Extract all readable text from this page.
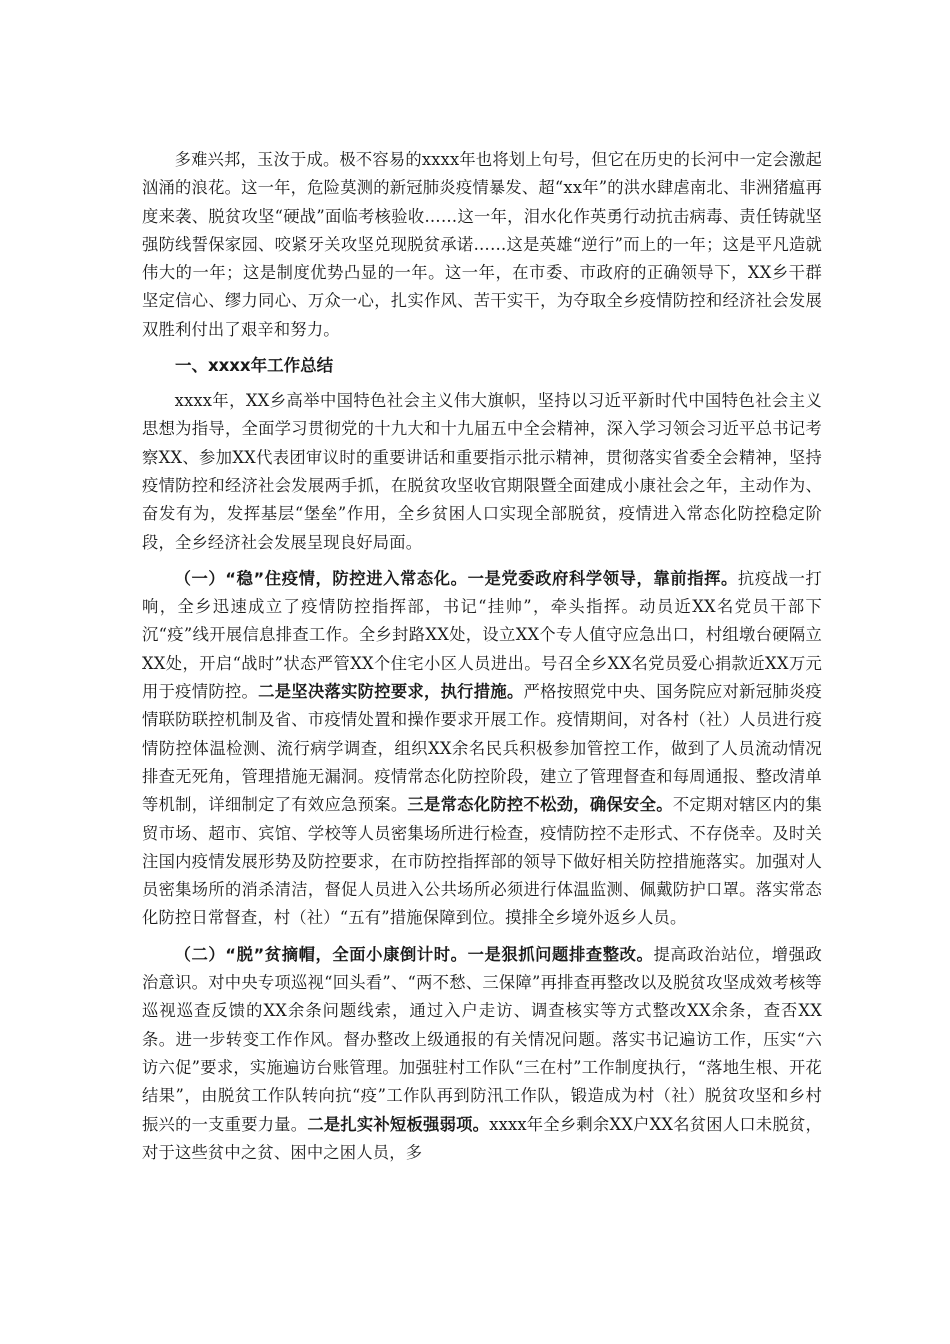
多难兴邦，玉汝于成。极不容易的xxxx年也将划上句号，但它在历史的长河中一定会激起汹涌的浪花。这一年，危险莫测的新冠肺炎疫情暴发、超“xx年”的洪水肆虐南北、非洲猪瘟再度来袭、脱贫攻坚“硬战”面临考核验收……这一年，泪水化作英勇行动抗击病毒、责任铸就坚强防线誓保家园、咬紧牙关攻坚兑现脱贫承诺……这是英雄“逆行”而上的一年；这是平凡造就伟大的一年；这是制度优势凸显的一年。这一年，在市委、市政府的正确领导下，XX乡干群坚定信心、缪力同心、万众一心，扎实作风、苦干实干，为夺取全乡疫情防控和经济社会发展双胜利付出了艰辛和努力。

一、xxxx年工作总结

xxxx年，XX乡高举中国特色社会主义伟大旗帜，坚持以习近平新时代中国特色社会主义思想为指导，全面学习贯彻党的十九大和十九届五中全会精神，深入学习领会习近平总书记考察XX、参加XX代表团审议时的重要讲话和重要指示批示精神，贯彻落实省委全会精神，坚持疫情防控和经济社会发展两手抓，在脱贫攻坚收官期限暨全面建成小康社会之年，主动作为、奋发有为，发挥基层“堡垒”作用，全乡贫困人口实现全部脱贫，疫情进入常态化防控稳定阶段，全乡经济社会发展呈现良好局面。

（一）“稳”住疫情，防控进入常态化。一是党委政府科学领导，靠前指挥。抗疫战一打响，全乡迅速成立了疫情防控指挥部，书记“挂帅”，牵头指挥。动员近XX名党员干部下沉“疫”线开展信息排查工作。全乡封路XX处，设立XX个专人值守应急出口，村组墩台硬隔立XX处，开启“战时”状态严管XX个住宅小区人员进出。号召全乡XX名党员爱心捐款近XX万元用于疫情防控。二是坚决落实防控要求，执行措施。严格按照党中央、国务院应对新冠肺炎疫情联防联控机制及省、市疫情处置和操作要求开展工作。疫情期间，对各村（社）人员进行疫情防控体温检测、流行病学调查，组织XX余名民兵积极参加管控工作，做到了人员流动情况排查无死角，管理措施无漏洞。疫情常态化防控阶段，建立了管理督查和每周通报、整改清单等机制，详细制定了有效应急预案。三是常态化防控不松劲，确保安全。不定期对辖区内的集贸市场、超市、宾馆、学校等人员密集场所进行检查，疫情防控不走形式、不存侥幸。及时关注国内疫情发展形势及防控要求，在市防控指挥部的领导下做好相关防控措施落实。加强对人员密集场所的消杀清洁，督促人员进入公共场所必须进行体温监测、佩戴防护口罩。落实常态化防控日常督查，村（社）“五有”措施保障到位。摸排全乡境外返乡人员。

（二）“脱”贫摘帽，全面小康倒计时。一是狠抓问题排查整改。提高政治站位，增强政治意识。对中央专项巡视“回头看”、“两不愁、三保障”再排查再整改以及脱贫攻坚成效考核等巡视巡查反馈的XX余条问题线索，通过入户走访、调查核实等方式整改XX余条，查否XX条。进一步转变工作作风。督办整改上级通报的有关情况问题。落实书记遍访工作，压实“六访六促”要求，实施遍访台账管理。加强驻村工作队“三在村”工作制度执行，“落地生根、开花结果”，由脱贫工作队转向抗“疫”工作队再到防汛工作队，锻造成为村（社）脱贫攻坚和乡村振兴的一支重要力量。二是扎实补短板强弱项。xxxx年全乡剩余XX户XX名贫困人口未脱贫，对于这些贫中之贫、困中之困人员，多
